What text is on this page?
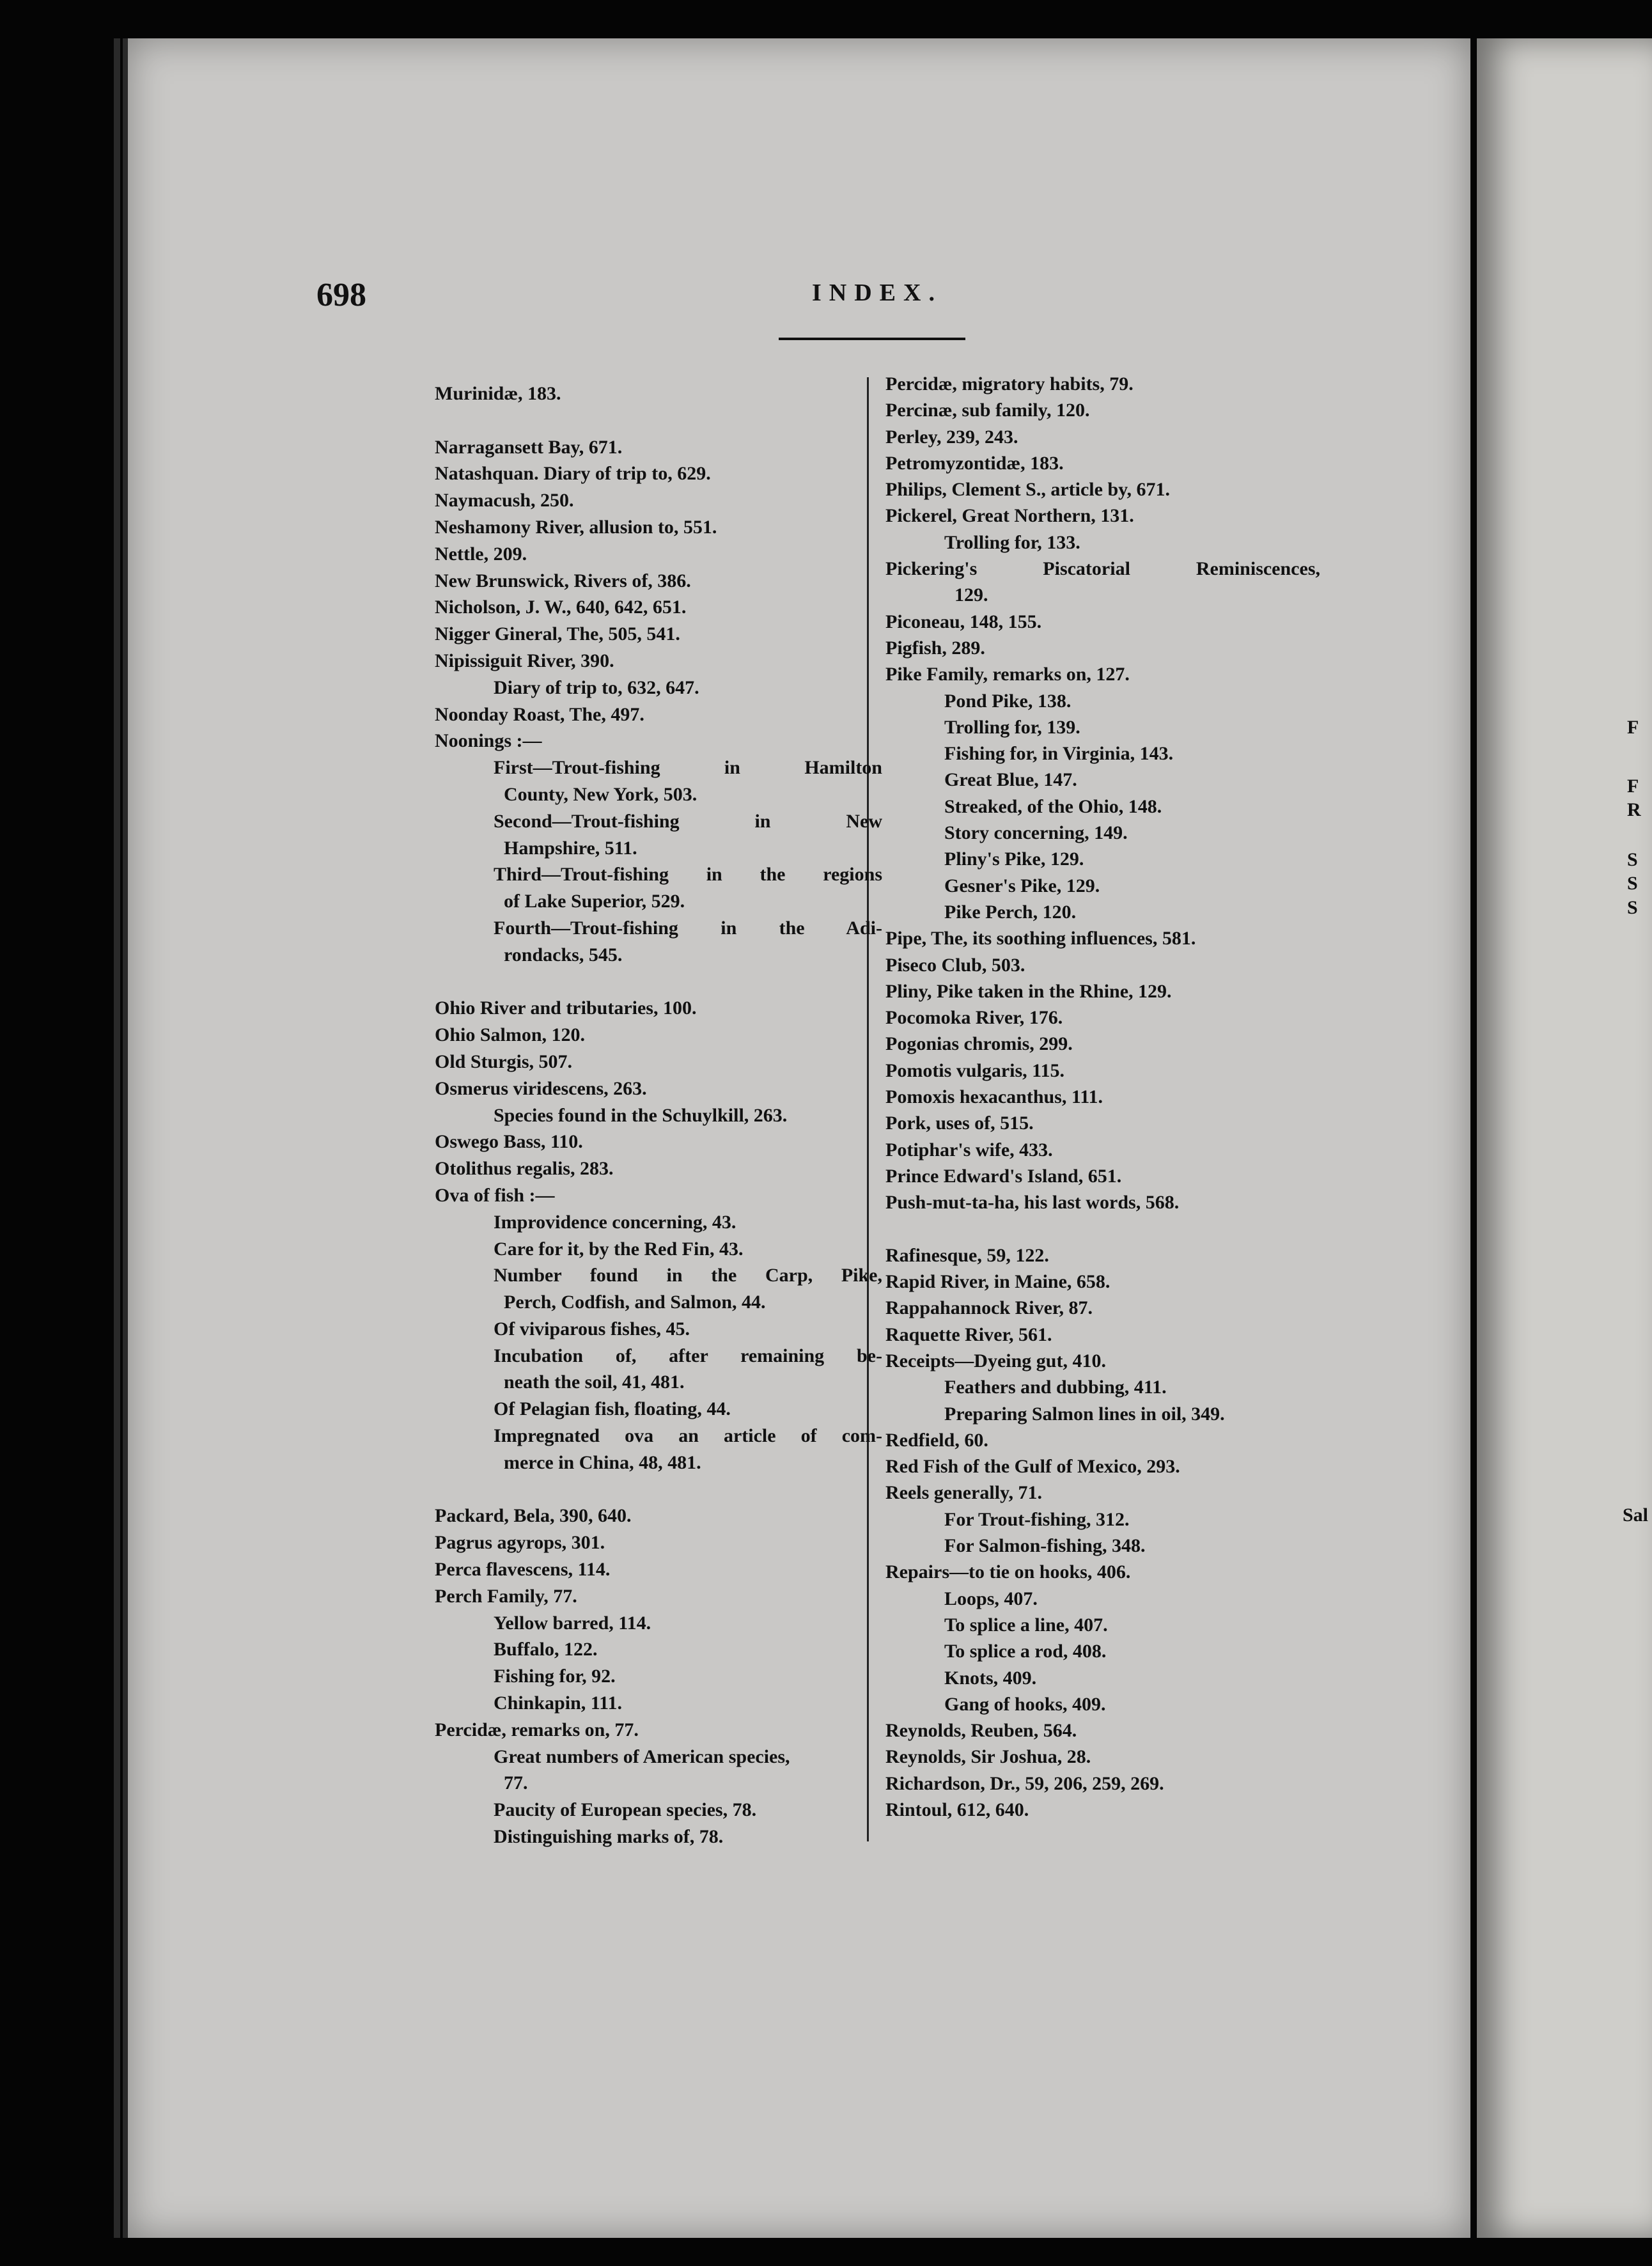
F
F
R
S
S
S
Sal
698	INDEX.
Murinidæ, 183.
Narragansett Bay, 671.
Natashquan. Diary of trip to, 629.
Naymacush, 250.
Neshamony River, allusion to, 551.
Nettle, 209.
New Brunswick, Rivers of, 386.
Nicholson, J. W., 640, 642, 651.
Nigger Gineral, The, 505, 541.
Nipissiguit River, 390.
Diary of trip to, 632, 647.
Noonday Roast, The, 497.
Noonings :—
First—Trout-fishing in Hamilton
County, New York, 503.
Second—Trout-fishing in New
Hampshire, 511.
Third—Trout-fishing in the regions
of Lake Superior, 529.
Fourth—Trout-fishing in the Adi-
rondacks, 545.
Ohio River and tributaries, 100.
Ohio Salmon, 120.
Old Sturgis, 507.
Osmerus viridescens, 263.
Species found in the Schuylkill, 263.
Oswego Bass, 110.
Otolithus regalis, 283.
Ova of fish :—
Improvidence concerning, 43.
Care for it, by the Red Fin, 43.
Number found in the Carp, Pike,
Perch, Codfish, and Salmon, 44.
Of viviparous fishes, 45.
Incubation of, after remaining be-
neath the soil, 41, 481.
Of Pelagian fish, floating, 44.
Impregnated ova an article of com-
merce in China, 48, 481.
Packard, Bela, 390, 640.
Pagrus agyrops, 301.
Perca flavescens, 114.
Perch Family, 77.
Yellow barred, 114.
Buffalo, 122.
Fishing for, 92.
Chinkapin, 111.
Percidæ, remarks on, 77.
Great numbers of American species,
77.
Paucity of European species, 78.
Distinguishing marks of, 78.
Percidæ, migratory habits, 79.
Percinæ, sub family, 120.
Perley, 239, 243.
Petromyzontidæ, 183.
Philips, Clement S., article by, 671.
Pickerel, Great Northern, 131.
Trolling for, 133.
Pickering's Piscatorial Reminiscences,
129.
Piconeau, 148, 155.
Pigfish, 289.
Pike Family, remarks on, 127.
Pond Pike, 138.
Trolling for, 139.
Fishing for, in Virginia, 143.
Great Blue, 147.
Streaked, of the Ohio, 148.
Story concerning, 149.
Pliny's Pike, 129.
Gesner's Pike, 129.
Pike Perch, 120.
Pipe, The, its soothing influences, 581.
Piseco Club, 503.
Pliny, Pike taken in the Rhine, 129.
Pocomoka River, 176.
Pogonias chromis, 299.
Pomotis vulgaris, 115.
Pomoxis hexacanthus, 111.
Pork, uses of, 515.
Potiphar's wife, 433.
Prince Edward's Island, 651.
Push-mut-ta-ha, his last words, 568.
Rafinesque, 59, 122.
Rapid River, in Maine, 658.
Rappahannock River, 87.
Raquette River, 561.
Receipts—Dyeing gut, 410.
Feathers and dubbing, 411.
Preparing Salmon lines in oil, 349.
Redfield, 60.
Red Fish of the Gulf of Mexico, 293.
Reels generally, 71.
For Trout-fishing, 312.
For Salmon-fishing, 348.
Repairs—to tie on hooks, 406.
Loops, 407.
To splice a line, 407.
To splice a rod, 408.
Knots, 409.
Gang of hooks, 409.
Reynolds, Reuben, 564.
Reynolds, Sir Joshua, 28.
Richardson, Dr., 59, 206, 259, 269.
Rintoul, 612, 640.
